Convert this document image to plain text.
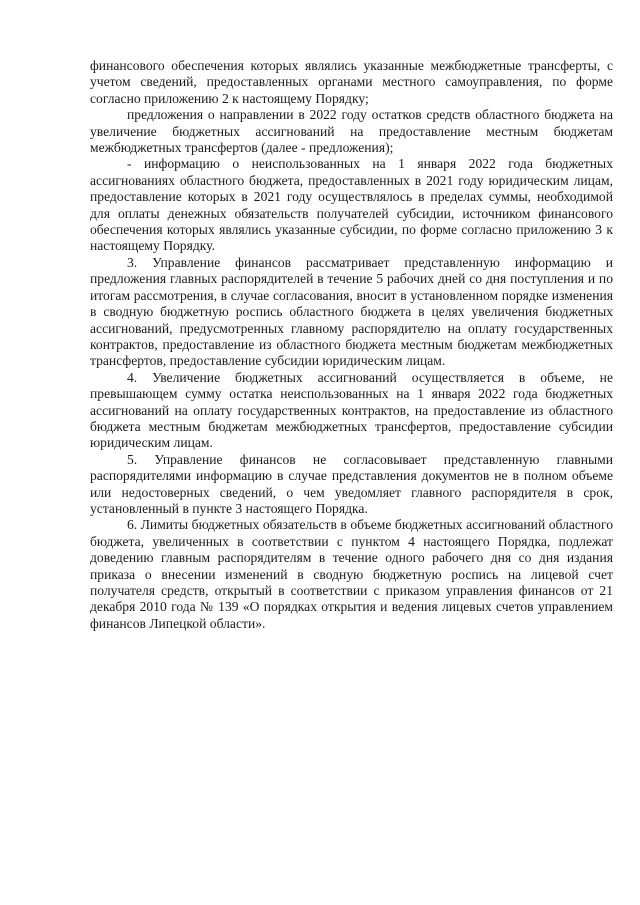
финансового обеспечения которых являлись указанные межбюджетные трансферты, с учетом сведений, предоставленных органами местного самоуправления, по форме согласно приложению 2 к настоящему Порядку;

предложения о направлении в 2022 году остатков средств областного бюджета на увеличение бюджетных ассигнований на предоставление местным бюджетам межбюджетных трансфертов (далее - предложения);

- информацию о неиспользованных на 1 января 2022 года бюджетных ассигнованиях областного бюджета, предоставленных в 2021 году юридическим лицам, предоставление которых в 2021 году осуществлялось в пределах суммы, необходимой для оплаты денежных обязательств получателей субсидии, источником финансового обеспечения которых являлись указанные субсидии, по форме согласно приложению 3 к настоящему Порядку.

3. Управление финансов рассматривает представленную информацию и предложения главных распорядителей в течение 5 рабочих дней со дня поступления и по итогам рассмотрения, в случае согласования, вносит в установленном порядке изменения в сводную бюджетную роспись областного бюджета в целях увеличения бюджетных ассигнований, предусмотренных главному распорядителю на оплату государственных контрактов, предоставление из областного бюджета местным бюджетам межбюджетных трансфертов, предоставление субсидии юридическим лицам.

4. Увеличение бюджетных ассигнований осуществляется в объеме, не превышающем сумму остатка неиспользованных на 1 января 2022 года бюджетных ассигнований на оплату государственных контрактов, на предоставление из областного бюджета местным бюджетам межбюджетных трансфертов, предоставление субсидии юридическим лицам.

5. Управление финансов не согласовывает представленную главными распорядителями информацию в случае представления документов не в полном объеме или недостоверных сведений, о чем уведомляет главного распорядителя в срок, установленный в пункте 3 настоящего Порядка.

6. Лимиты бюджетных обязательств в объеме бюджетных ассигнований областного бюджета, увеличенных в соответствии с пунктом 4 настоящего Порядка, подлежат доведению главным распорядителям в течение одного рабочего дня со дня издания приказа о внесении изменений в сводную бюджетную роспись на лицевой счет получателя средств, открытый в соответствии с приказом управления финансов от 21 декабря 2010 года № 139 «О порядках открытия и ведения лицевых счетов управлением финансов Липецкой области».
